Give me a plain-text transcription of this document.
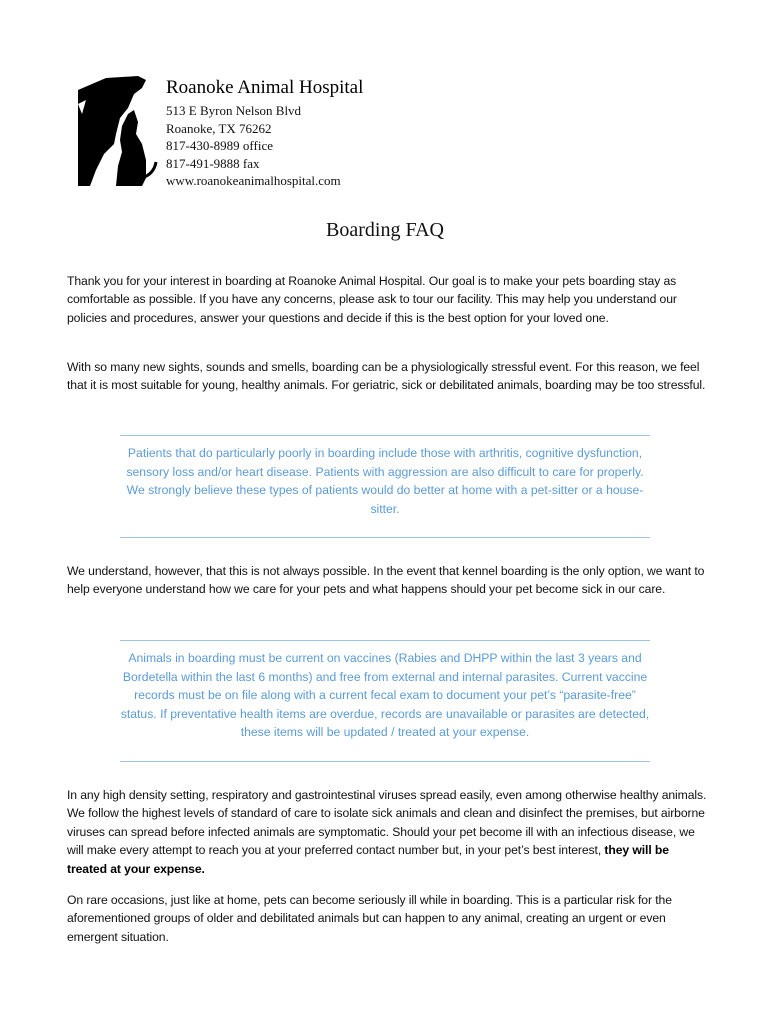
Roanoke Animal Hospital
513 E Byron Nelson Blvd
Roanoke, TX 76262
817-430-8989 office
817-491-9888 fax
www.roanokeanimalhospital.com
Boarding FAQ

Thank you for your interest in boarding at Roanoke Animal Hospital. Our goal is to make your pets boarding stay as comfortable as possible. If you have any concerns, please ask to tour our facility. This may help you understand our policies and procedures, answer your questions and decide if this is the best option for your loved one.

With so many new sights, sounds and smells, boarding can be a physiologically stressful event. For this reason, we feel that it is most suitable for young, healthy animals. For geriatric, sick or debilitated animals, boarding may be too stressful.

Patients that do particularly poorly in boarding include those with arthritis, cognitive dysfunction, sensory loss and/or heart disease. Patients with aggression are also difficult to care for properly. We strongly believe these types of patients would do better at home with a pet-sitter or a house-sitter.

We understand, however, that this is not always possible. In the event that kennel boarding is the only option, we want to help everyone understand how we care for your pets and what happens should your pet become sick in our care.

Animals in boarding must be current on vaccines (Rabies and DHPP within the last 3 years and Bordetella within the last 6 months) and free from external and internal parasites. Current vaccine records must be on file along with a current fecal exam to document your pet’s “parasite-free” status. If preventative health items are overdue, records are unavailable or parasites are detected, these items will be updated / treated at your expense.

In any high density setting, respiratory and gastrointestinal viruses spread easily, even among otherwise healthy animals. We follow the highest levels of standard of care to isolate sick animals and clean and disinfect the premises, but airborne viruses can spread before infected animals are symptomatic. Should your pet become ill with an infectious disease, we will make every attempt to reach you at your preferred contact number but, in your pet’s best interest, they will be treated at your expense.

On rare occasions, just like at home, pets can become seriously ill while in boarding. This is a particular risk for the aforementioned groups of older and debilitated animals but can happen to any animal, creating an urgent or even emergent situation.
